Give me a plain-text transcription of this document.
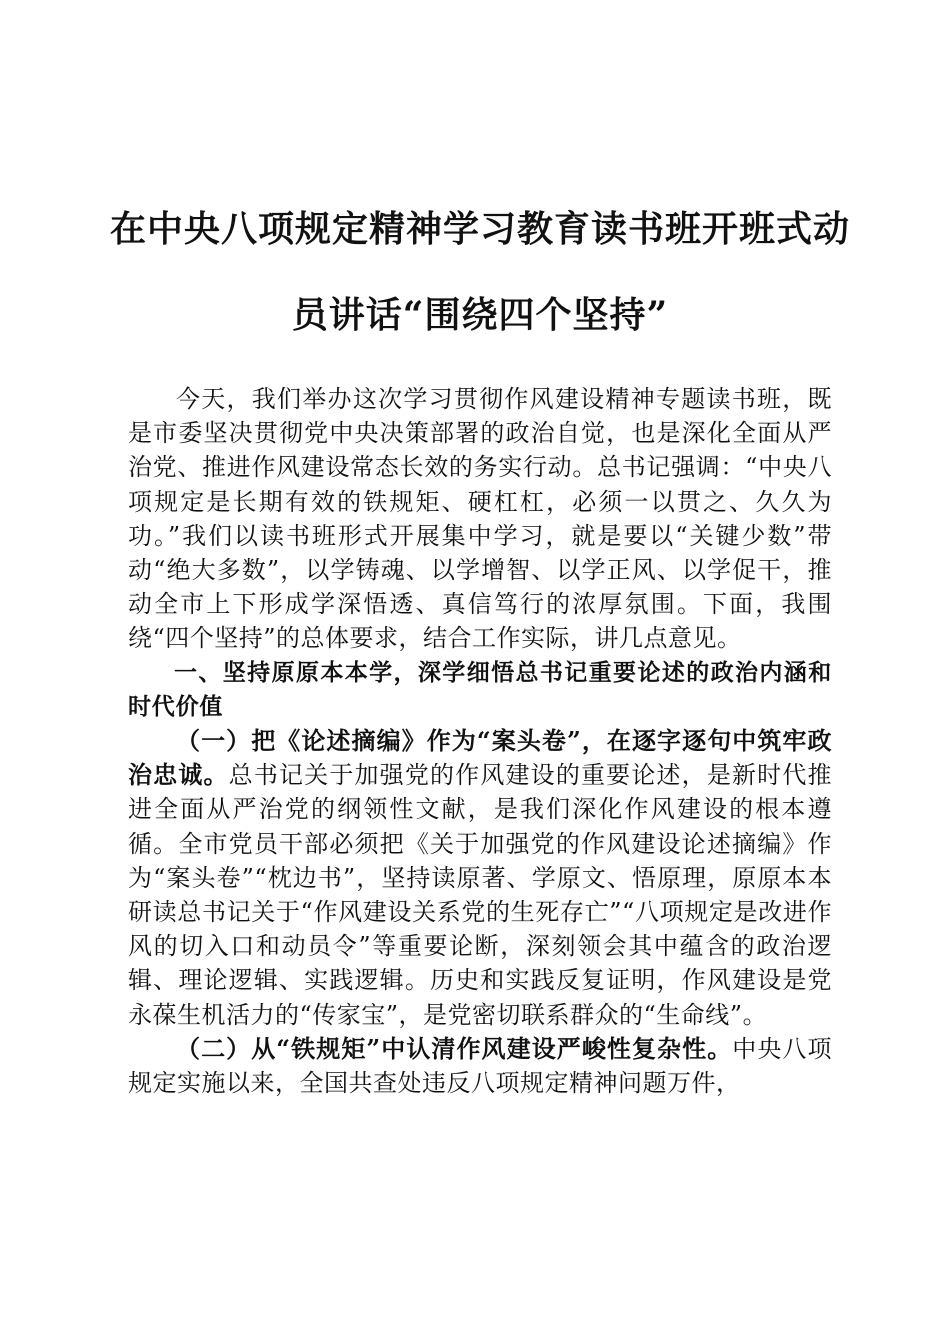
在中央八项规定精神学习教育读书班开班式动
员讲话“围绕四个坚持”

今天，我们举办这次学习贯彻作风建设精神专题读书班，既是市委坚决贯彻党中央决策部署的政治自觉，也是深化全面从严治党、推进作风建设常态长效的务实行动。总书记强调：“中央八项规定是长期有效的铁规矩、硬杠杠，必须一以贯之、久久为功。”我们以读书班形式开展集中学习，就是要以“关键少数”带动“绝大多数”，以学铸魂、以学增智、以学正风、以学促干，推动全市上下形成学深悟透、真信笃行的浓厚氛围。下面，我围绕“四个坚持”的总体要求，结合工作实际，讲几点意见。

一、坚持原原本本学，深学细悟总书记重要论述的政治内涵和时代价值

（一）把《论述摘编》作为“案头卷”，在逐字逐句中筑牢政治忠诚。总书记关于加强党的作风建设的重要论述，是新时代推进全面从严治党的纲领性文献，是我们深化作风建设的根本遵循。全市党员干部必须把《关于加强党的作风建设论述摘编》作为“案头卷”“枕边书”，坚持读原著、学原文、悟原理，原原本本研读总书记关于“作风建设关系党的生死存亡”“八项规定是改进作风的切入口和动员令”等重要论断，深刻领会其中蕴含的政治逻辑、理论逻辑、实践逻辑。历史和实践反复证明，作风建设是党永葆生机活力的“传家宝”，是党密切联系群众的“生命线”。

（二）从“铁规矩”中认清作风建设严峻性复杂性。中央八项规定实施以来，全国共查处违反八项规定精神问题万件，
